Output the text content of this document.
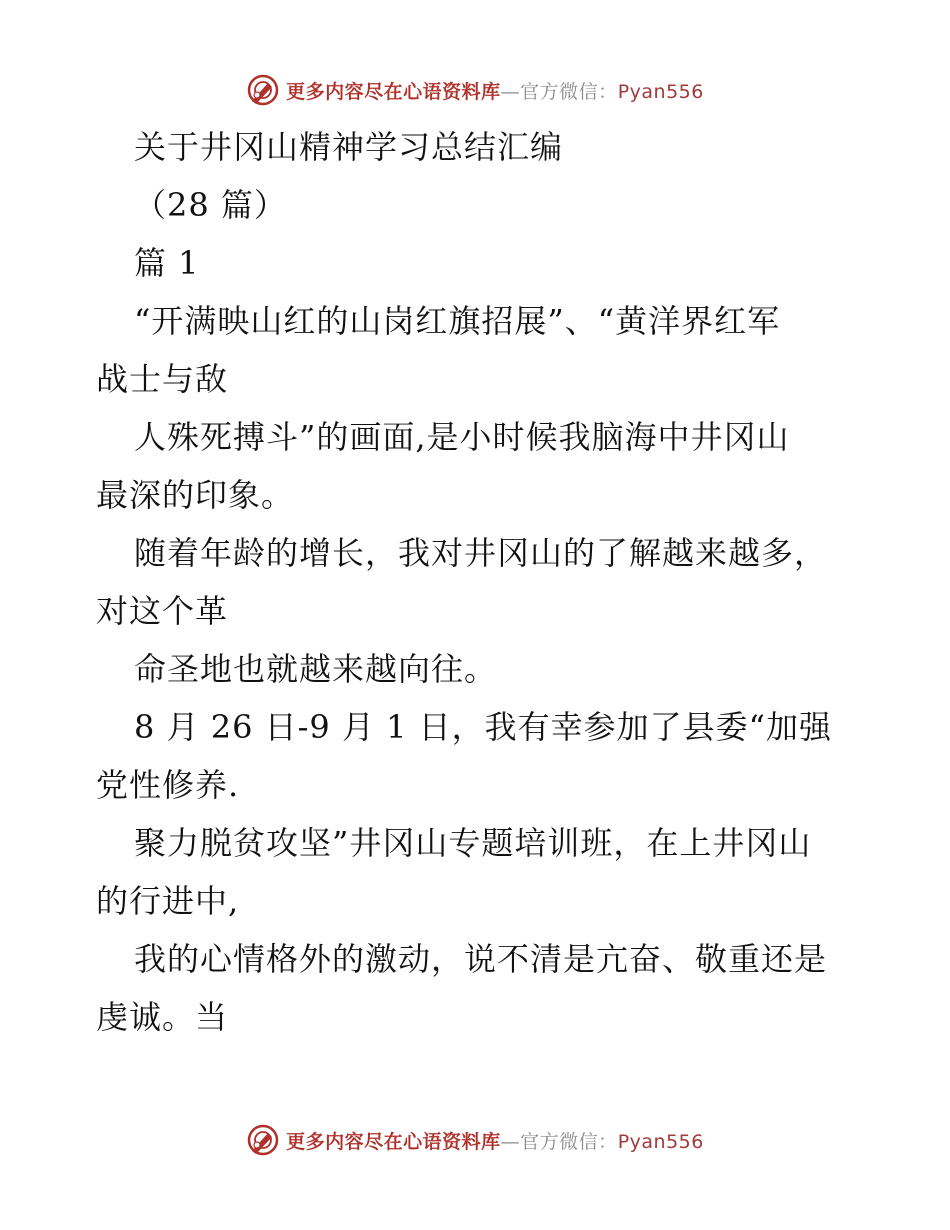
更多内容尽在心语资料库—官方微信：Pyan556
关于井冈山精神学习总结汇编
（28 篇）
篇 1
“开满映山红的山岗红旗招展”、“黄洋界红军
战士与敌
人殊死搏斗”的画面,是小时候我脑海中井冈山
最深的印象。
随着年龄的增长，我对井冈山的了解越来越多，
对这个革
命圣地也就越来越向往。
8 月 26 日-9 月 1 日，我有幸参加了县委“加强
党性修养.
聚力脱贫攻坚”井冈山专题培训班，在上井冈山
的行进中,
我的心情格外的激动，说不清是亢奋、敬重还是
虔诚。当
更多内容尽在心语资料库—官方微信：Pyan556
